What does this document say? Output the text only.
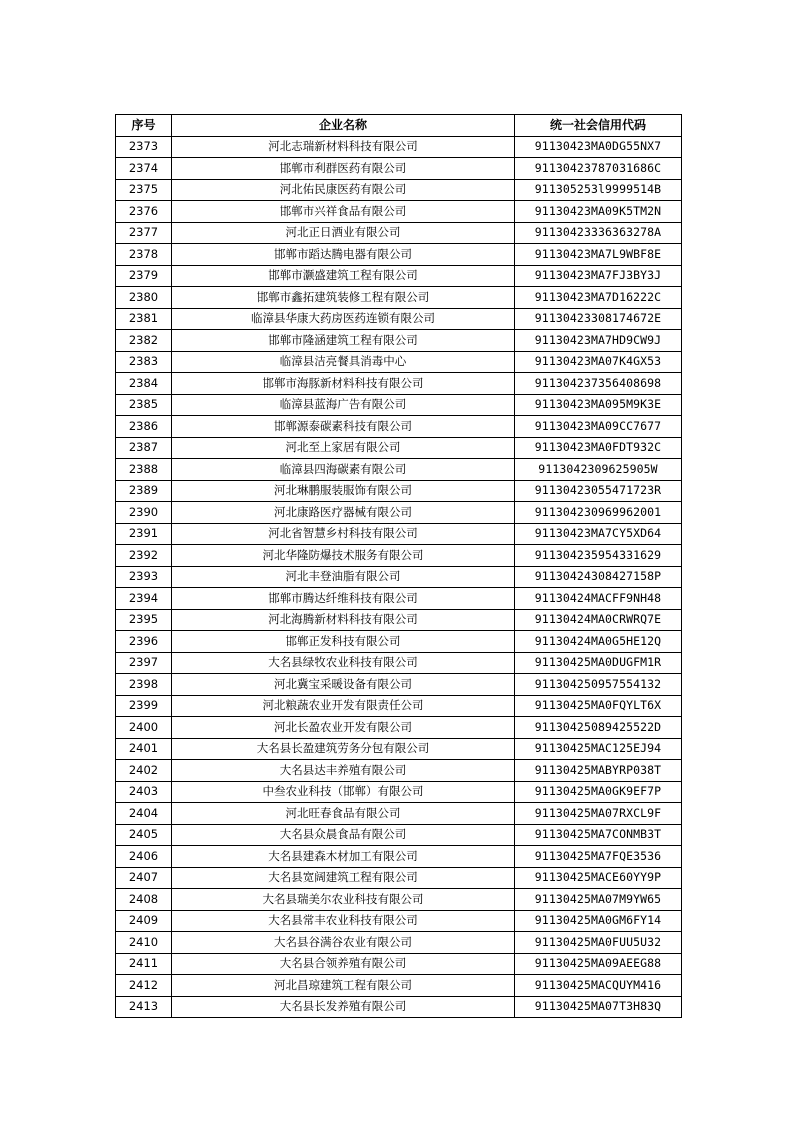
序号	企业名称	统一社会信用代码
2373	河北志瑞新材料科技有限公司	91130423MA0DG55NX7
2374	邯郸市利群医药有限公司	91130423787031686C
2375	河北佑民康医药有限公司	911305253l9999514B
2376	邯郸市兴祥食品有限公司	91130423MA09K5TM2N
2377	河北正日酒业有限公司	91130423336363278A
2378	邯郸市蹈达腾电器有限公司	91130423MA7L9WBF8E
2379	邯郸市灏盛建筑工程有限公司	91130423MA7FJ3BY3J
2380	邯郸市鑫拓建筑装修工程有限公司	91130423MA7D16222C
2381	临漳县华康大药房医药连锁有限公司	91130423308174672E
2382	邯郸市隆涵建筑工程有限公司	91130423MA7HD9CW9J
2383	临漳县洁亮餐具消毒中心	91130423MA07K4GX53
2384	邯郸市海豚新材料科技有限公司	911304237356408698
2385	临漳县蓝海广告有限公司	91130423MA095M9K3E
2386	邯郸源泰碳素科技有限公司	91130423MA09CC7677
2387	河北至上家居有限公司	91130423MA0FDT932C
2388	临漳县四海碳素有限公司	9113042309625905W
2389	河北琳鹏服装服饰有限公司	91130423055471723R
2390	河北康路医疗器械有限公司	911304230969962001
2391	河北省智慧乡村科技有限公司	91130423MA7CY5XD64
2392	河北华隆防爆技术服务有限公司	911304235954331629
2393	河北丰登油脂有限公司	91130424308427158P
2394	邯郸市腾达纤维科技有限公司	91130424MACFF9NH48
2395	河北海腾新材料科技有限公司	91130424MA0CRWRQ7E
2396	邯郸正发科技有限公司	91130424MA0G5HE12Q
2397	大名县绿牧农业科技有限公司	91130425MA0DUGFM1R
2398	河北冀宝采暖设备有限公司	911304250957554132
2399	河北粮蔬农业开发有限责任公司	91130425MA0FQYLT6X
2400	河北长盈农业开发有限公司	91130425089425522D
2401	大名县长盈建筑劳务分包有限公司	91130425MAC125EJ94
2402	大名县达丰养殖有限公司	91130425MABYRP038T
2403	中叁农业科技（邯郸）有限公司	91130425MA0GK9EF7P
2404	河北旺春食品有限公司	91130425MA07RXCL9F
2405	大名县众晨食品有限公司	91130425MA7CONMB3T
2406	大名县建森木材加工有限公司	91130425MA7FQE3536
2407	大名县宽阔建筑工程有限公司	91130425MACE60YY9P
2408	大名县瑞美尔农业科技有限公司	91130425MA07M9YW65
2409	大名县常丰农业科技有限公司	91130425MA0GM6FY14
2410	大名县谷满谷农业有限公司	91130425MA0FUU5U32
2411	大名县合领养殖有限公司	91130425MA09AEEG88
2412	河北昌琼建筑工程有限公司	91130425MACQUYM416
2413	大名县长发养殖有限公司	91130425MA07T3H83Q
